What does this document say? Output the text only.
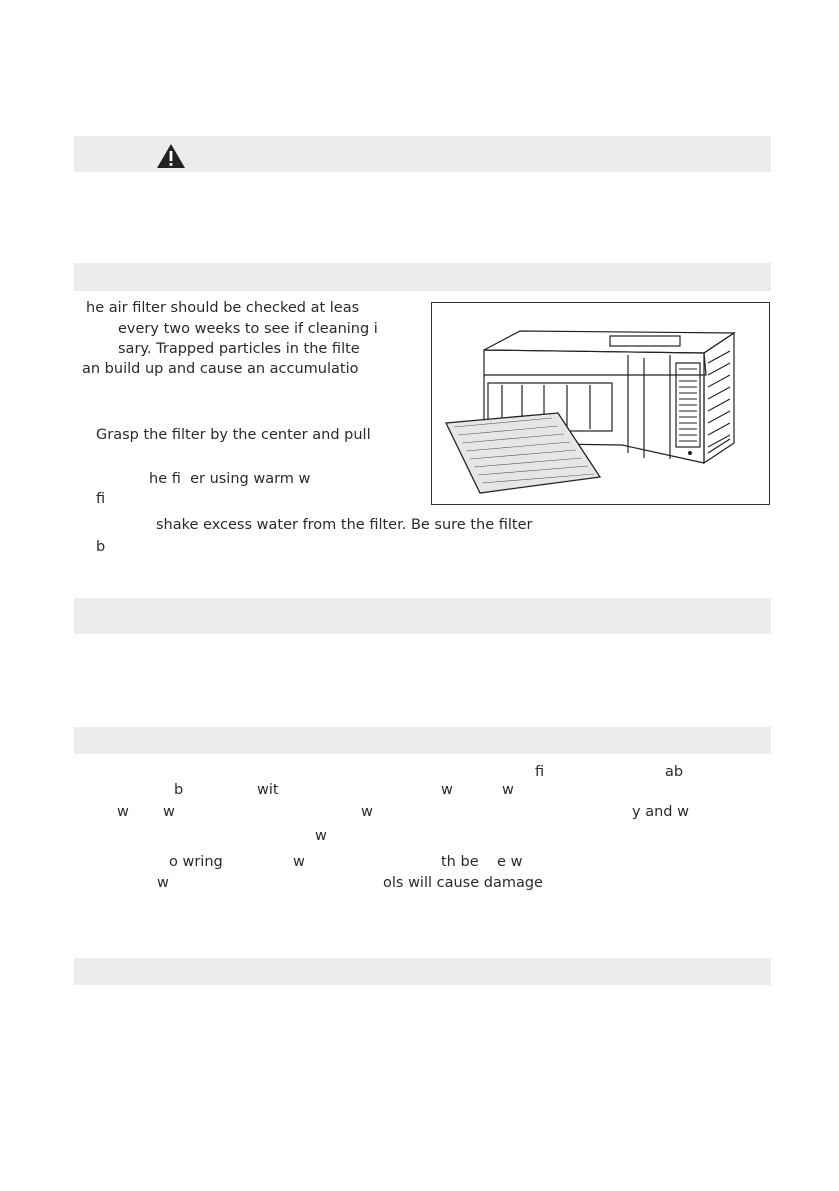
he air filter should be checked at leas
every two weeks to see if cleaning i
sary. Trapped particles in the filte
an build up and cause an accumulatio
Grasp the filter by the center and pull
he fi  er using warm w
fi
shake excess water from the filter. Be sure the filter
b
fi	ab
b	wit	w	w
w w	w	y and w
w
o wring	w	th be    e w
w	ols will cause damage
